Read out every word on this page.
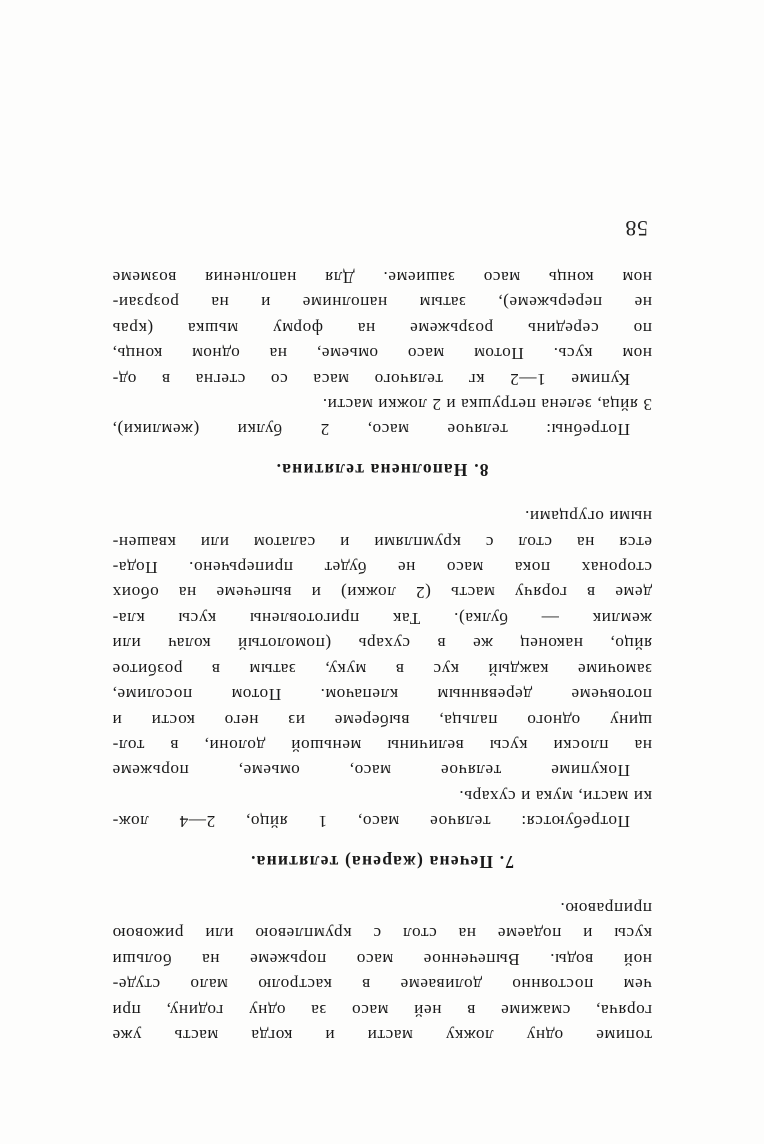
топиме одну ложку масти и когда масть уже
горяча, смажиме в ней масо за одну годину, при
чем постоянно доливаеме в кастролю мало студе-
ной воды. Выпеченное масо порьжеме на больши
кусы и подаеме на стол с крумплевою или рижовою
приправою.
7. Печена (жарена) телятина.
Потребуются: телячое масо, 1 яйцо, 2—4 лож-
ки масти, мука и сухарь.
Покупиме телячое масо, омьеме, порьжеме
на плоски кусы величины меньшой долони, в тол-
щину одного пальца, выбереме из него кости и
потовчеме деревянным клепачом. Потом посолиме,
замочиме каждый кус в муку, затым в розбитое
яйцо, наконец же в сухарь (помолотый колач или
жемлик — булка). Так приготовлены кусы кла-
деме в горячу масть (2 ложки) и выпечеме на обоих
сторонах пока масо не будет приперьчено. Пода-
ется на стол с крумплями и салатом или квашен-
ными огурцами.
8. Наполнена телятина.
Потребны: телячое масо, 2 булки (жемлики),
3 яйца, зелена петрушка и 2 ложки масти.
Купиме 1—2 кг телячого маса со стегна в од-
ном кусь. Потом масо омьеме, на одном конць,
по серединь розрьжеме на форму мьшка (краь
не перерьжеме), затым наполниме и на розрзаи-
ном конць масо зашиеме. Для наполнения возмеме
58
